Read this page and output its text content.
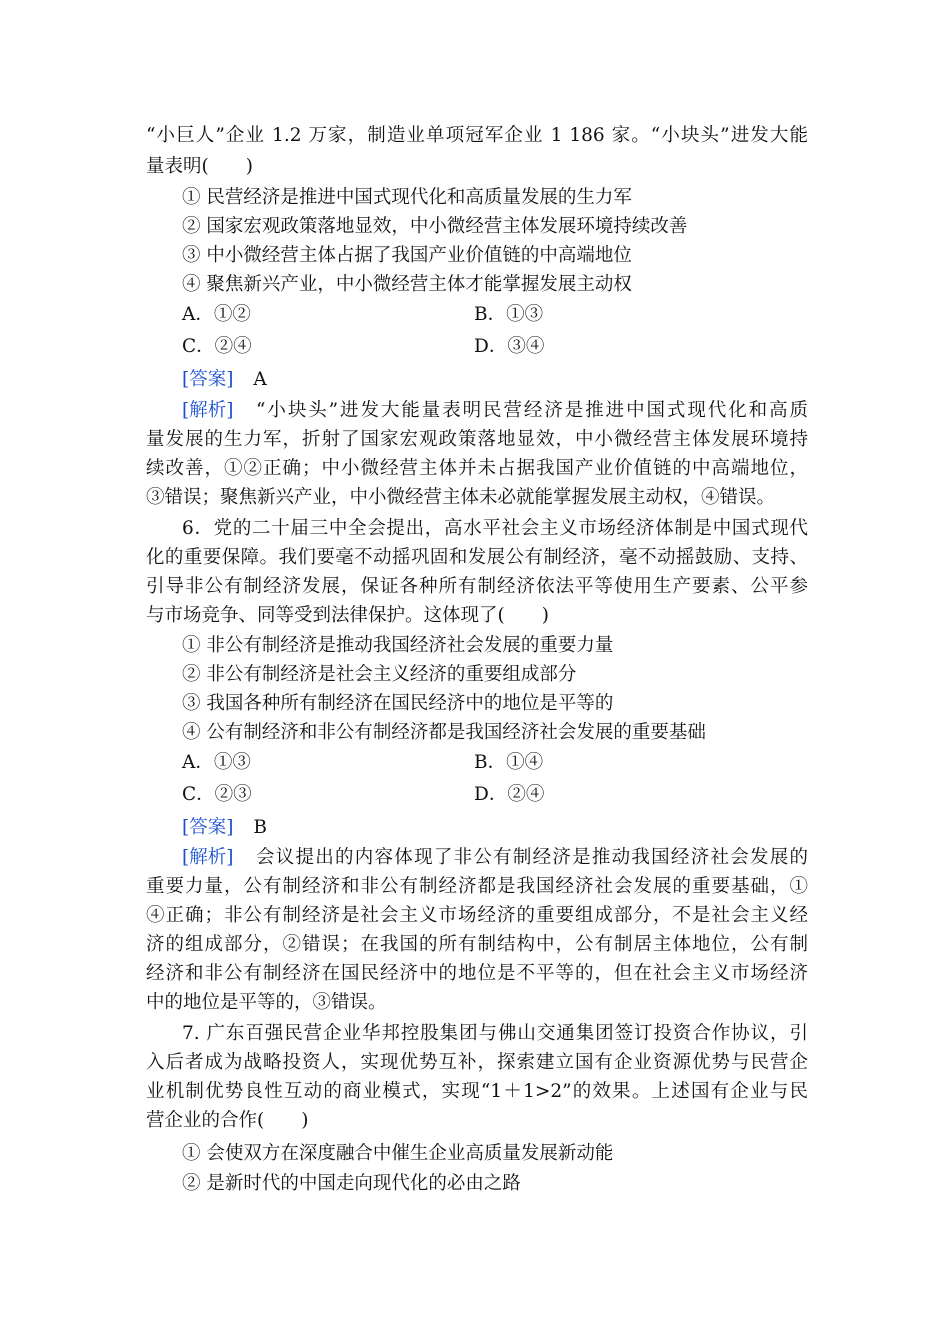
“小巨人”企业 1.2 万家，制造业单项冠军企业 1 186 家。“小块头”进发大能
量表明(　　)
① 民营经济是推进中国式现代化和高质量发展的生力军
② 国家宏观政策落地显效，中小微经营主体发展环境持续改善
③ 中小微经营主体占据了我国产业价值链的中高端地位
④ 聚焦新兴产业，中小微经营主体才能掌握发展主动权
A．①②	B．①③
C．②④	D．③④
[答案] A
[解析] “小块头”进发大能量表明民营经济是推进中国式现代化和高质
量发展的生力军，折射了国家宏观政策落地显效，中小微经营主体发展环境持
续改善，①②正确；中小微经营主体并未占据我国产业价值链的中高端地位，
③错误；聚焦新兴产业，中小微经营主体未必就能掌握发展主动权，④错误。
6．党的二十届三中全会提出，高水平社会主义市场经济体制是中国式现代
化的重要保障。我们要毫不动摇巩固和发展公有制经济，毫不动摇鼓励、支持、
引导非公有制经济发展，保证各种所有制经济依法平等使用生产要素、公平参
与市场竞争、同等受到法律保护。这体现了(　　)
① 非公有制经济是推动我国经济社会发展的重要力量
② 非公有制经济是社会主义经济的重要组成部分
③ 我国各种所有制经济在国民经济中的地位是平等的
④ 公有制经济和非公有制经济都是我国经济社会发展的重要基础
A．①③	B．①④
C．②③	D．②④
[答案] B
[解析] 会议提出的内容体现了非公有制经济是推动我国经济社会发展的
重要力量，公有制经济和非公有制经济都是我国经济社会发展的重要基础，①
④正确；非公有制经济是社会主义市场经济的重要组成部分，不是社会主义经
济的组成部分，②错误；在我国的所有制结构中，公有制居主体地位，公有制
经济和非公有制经济在国民经济中的地位是不平等的，但在社会主义市场经济
中的地位是平等的，③错误。
7. 广东百强民营企业华邦控股集团与佛山交通集团签订投资合作协议，引
入后者成为战略投资人，实现优势互补，探索建立国有企业资源优势与民营企
业机制优势良性互动的商业模式，实现“1＋1>2”的效果。上述国有企业与民
营企业的合作(　　)
① 会使双方在深度融合中催生企业高质量发展新动能
② 是新时代的中国走向现代化的必由之路
